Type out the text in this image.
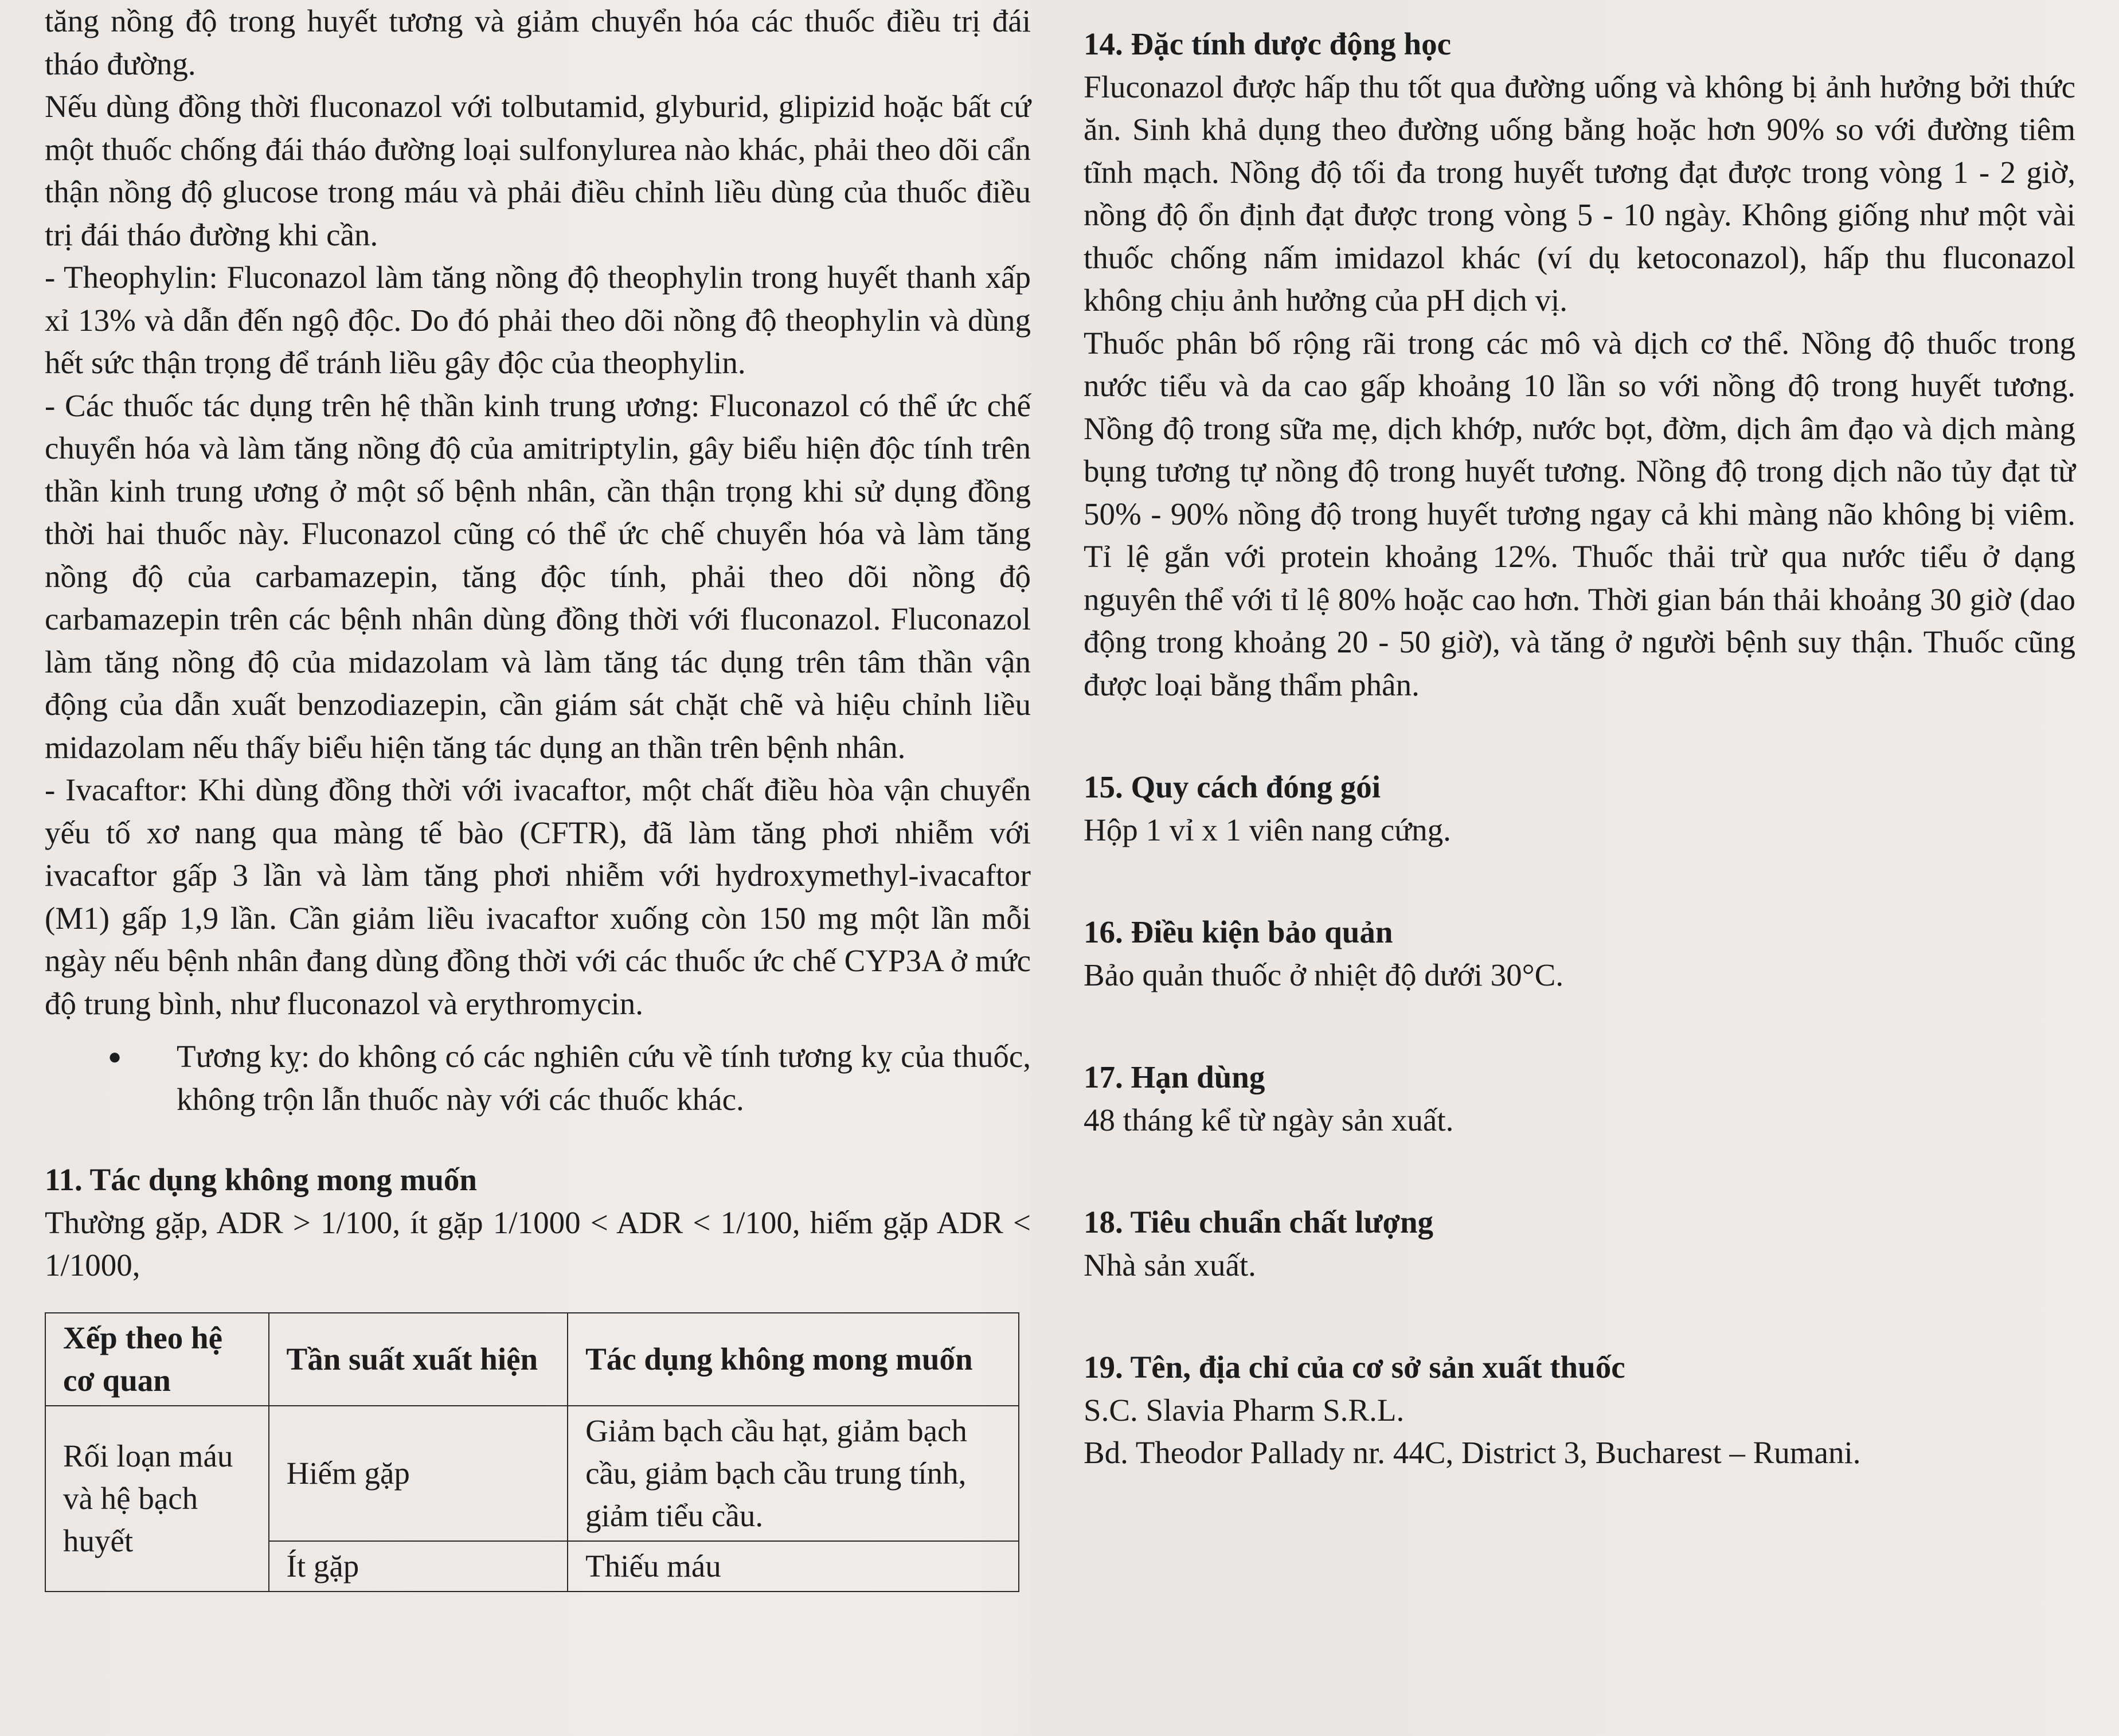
tăng nồng độ trong huyết tương và giảm chuyển hóa các thuốc điều trị đái tháo đường.

Nếu dùng đồng thời fluconazol với tolbutamid, glyburid, glipizid hoặc bất cứ một thuốc chống đái tháo đường loại sulfonylurea nào khác, phải theo dõi cẩn thận nồng độ glucose trong máu và phải điều chỉnh liều dùng của thuốc điều trị đái tháo đường khi cần.

- Theophylin: Fluconazol làm tăng nồng độ theophylin trong huyết thanh xấp xỉ 13% và dẫn đến ngộ độc. Do đó phải theo dõi nồng độ theophylin và dùng hết sức thận trọng để tránh liều gây độc của theophylin.

- Các thuốc tác dụng trên hệ thần kinh trung ương: Fluconazol có thể ức chế chuyển hóa và làm tăng nồng độ của amitriptylin, gây biểu hiện độc tính trên thần kinh trung ương ở một số bệnh nhân, cần thận trọng khi sử dụng đồng thời hai thuốc này. Fluconazol cũng có thể ức chế chuyển hóa và làm tăng nồng độ của carbamazepin, tăng độc tính, phải theo dõi nồng độ carbamazepin trên các bệnh nhân dùng đồng thời với fluconazol. Fluconazol làm tăng nồng độ của midazolam và làm tăng tác dụng trên tâm thần vận động của dẫn xuất benzodiazepin, cần giám sát chặt chẽ và hiệu chỉnh liều midazolam nếu thấy biểu hiện tăng tác dụng an thần trên bệnh nhân.

- Ivacaftor: Khi dùng đồng thời với ivacaftor, một chất điều hòa vận chuyển yếu tố xơ nang qua màng tế bào (CFTR), đã làm tăng phơi nhiễm với ivacaftor gấp 3 lần và làm tăng phơi nhiễm với hydroxymethyl-ivacaftor (M1) gấp 1,9 lần. Cần giảm liều ivacaftor xuống còn 150 mg một lần mỗi ngày nếu bệnh nhân đang dùng đồng thời với các thuốc ức chế CYP3A ở mức độ trung bình, như fluconazol và erythromycin.

●	Tương kỵ: do không có các nghiên cứu về tính tương kỵ của thuốc, không trộn lẫn thuốc này với các thuốc khác.

11. Tác dụng không mong muốn

Thường gặp, ADR > 1/100, ít gặp 1/1000 < ADR < 1/100, hiếm gặp ADR < 1/1000,

Xếp theo hệ cơ quan	Tần suất xuất hiện	Tác dụng không mong muốn
Rối loạn máu và hệ bạch huyết	Hiếm gặp	Giảm bạch cầu hạt, giảm bạch cầu, giảm bạch cầu trung tính, giảm tiểu cầu.
	Ít gặp	Thiếu máu

14. Đặc tính dược động học

Fluconazol được hấp thu tốt qua đường uống và không bị ảnh hưởng bởi thức ăn. Sinh khả dụng theo đường uống bằng hoặc hơn 90% so với đường tiêm tĩnh mạch. Nồng độ tối đa trong huyết tương đạt được trong vòng 1 - 2 giờ, nồng độ ổn định đạt được trong vòng 5 - 10 ngày. Không giống như một vài thuốc chống nấm imidazol khác (ví dụ ketoconazol), hấp thu fluconazol không chịu ảnh hưởng của pH dịch vị.

Thuốc phân bố rộng rãi trong các mô và dịch cơ thể. Nồng độ thuốc trong nước tiểu và da cao gấp khoảng 10 lần so với nồng độ trong huyết tương. Nồng độ trong sữa mẹ, dịch khớp, nước bọt, đờm, dịch âm đạo và dịch màng bụng tương tự nồng độ trong huyết tương. Nồng độ trong dịch não tủy đạt từ 50% - 90% nồng độ trong huyết tương ngay cả khi màng não không bị viêm. Tỉ lệ gắn với protein khoảng 12%. Thuốc thải trừ qua nước tiểu ở dạng nguyên thể với tỉ lệ 80% hoặc cao hơn. Thời gian bán thải khoảng 30 giờ (dao động trong khoảng 20 - 50 giờ), và tăng ở người bệnh suy thận. Thuốc cũng được loại bằng thẩm phân.

15. Quy cách đóng gói

Hộp 1 vỉ x 1 viên nang cứng.

16. Điều kiện bảo quản

Bảo quản thuốc ở nhiệt độ dưới 30°C.

17. Hạn dùng

48 tháng kể từ ngày sản xuất.

18. Tiêu chuẩn chất lượng

Nhà sản xuất.

19. Tên, địa chỉ của cơ sở sản xuất thuốc

S.C. Slavia Pharm S.R.L.

Bd. Theodor Pallady nr. 44C, District 3, Bucharest – Rumani.
